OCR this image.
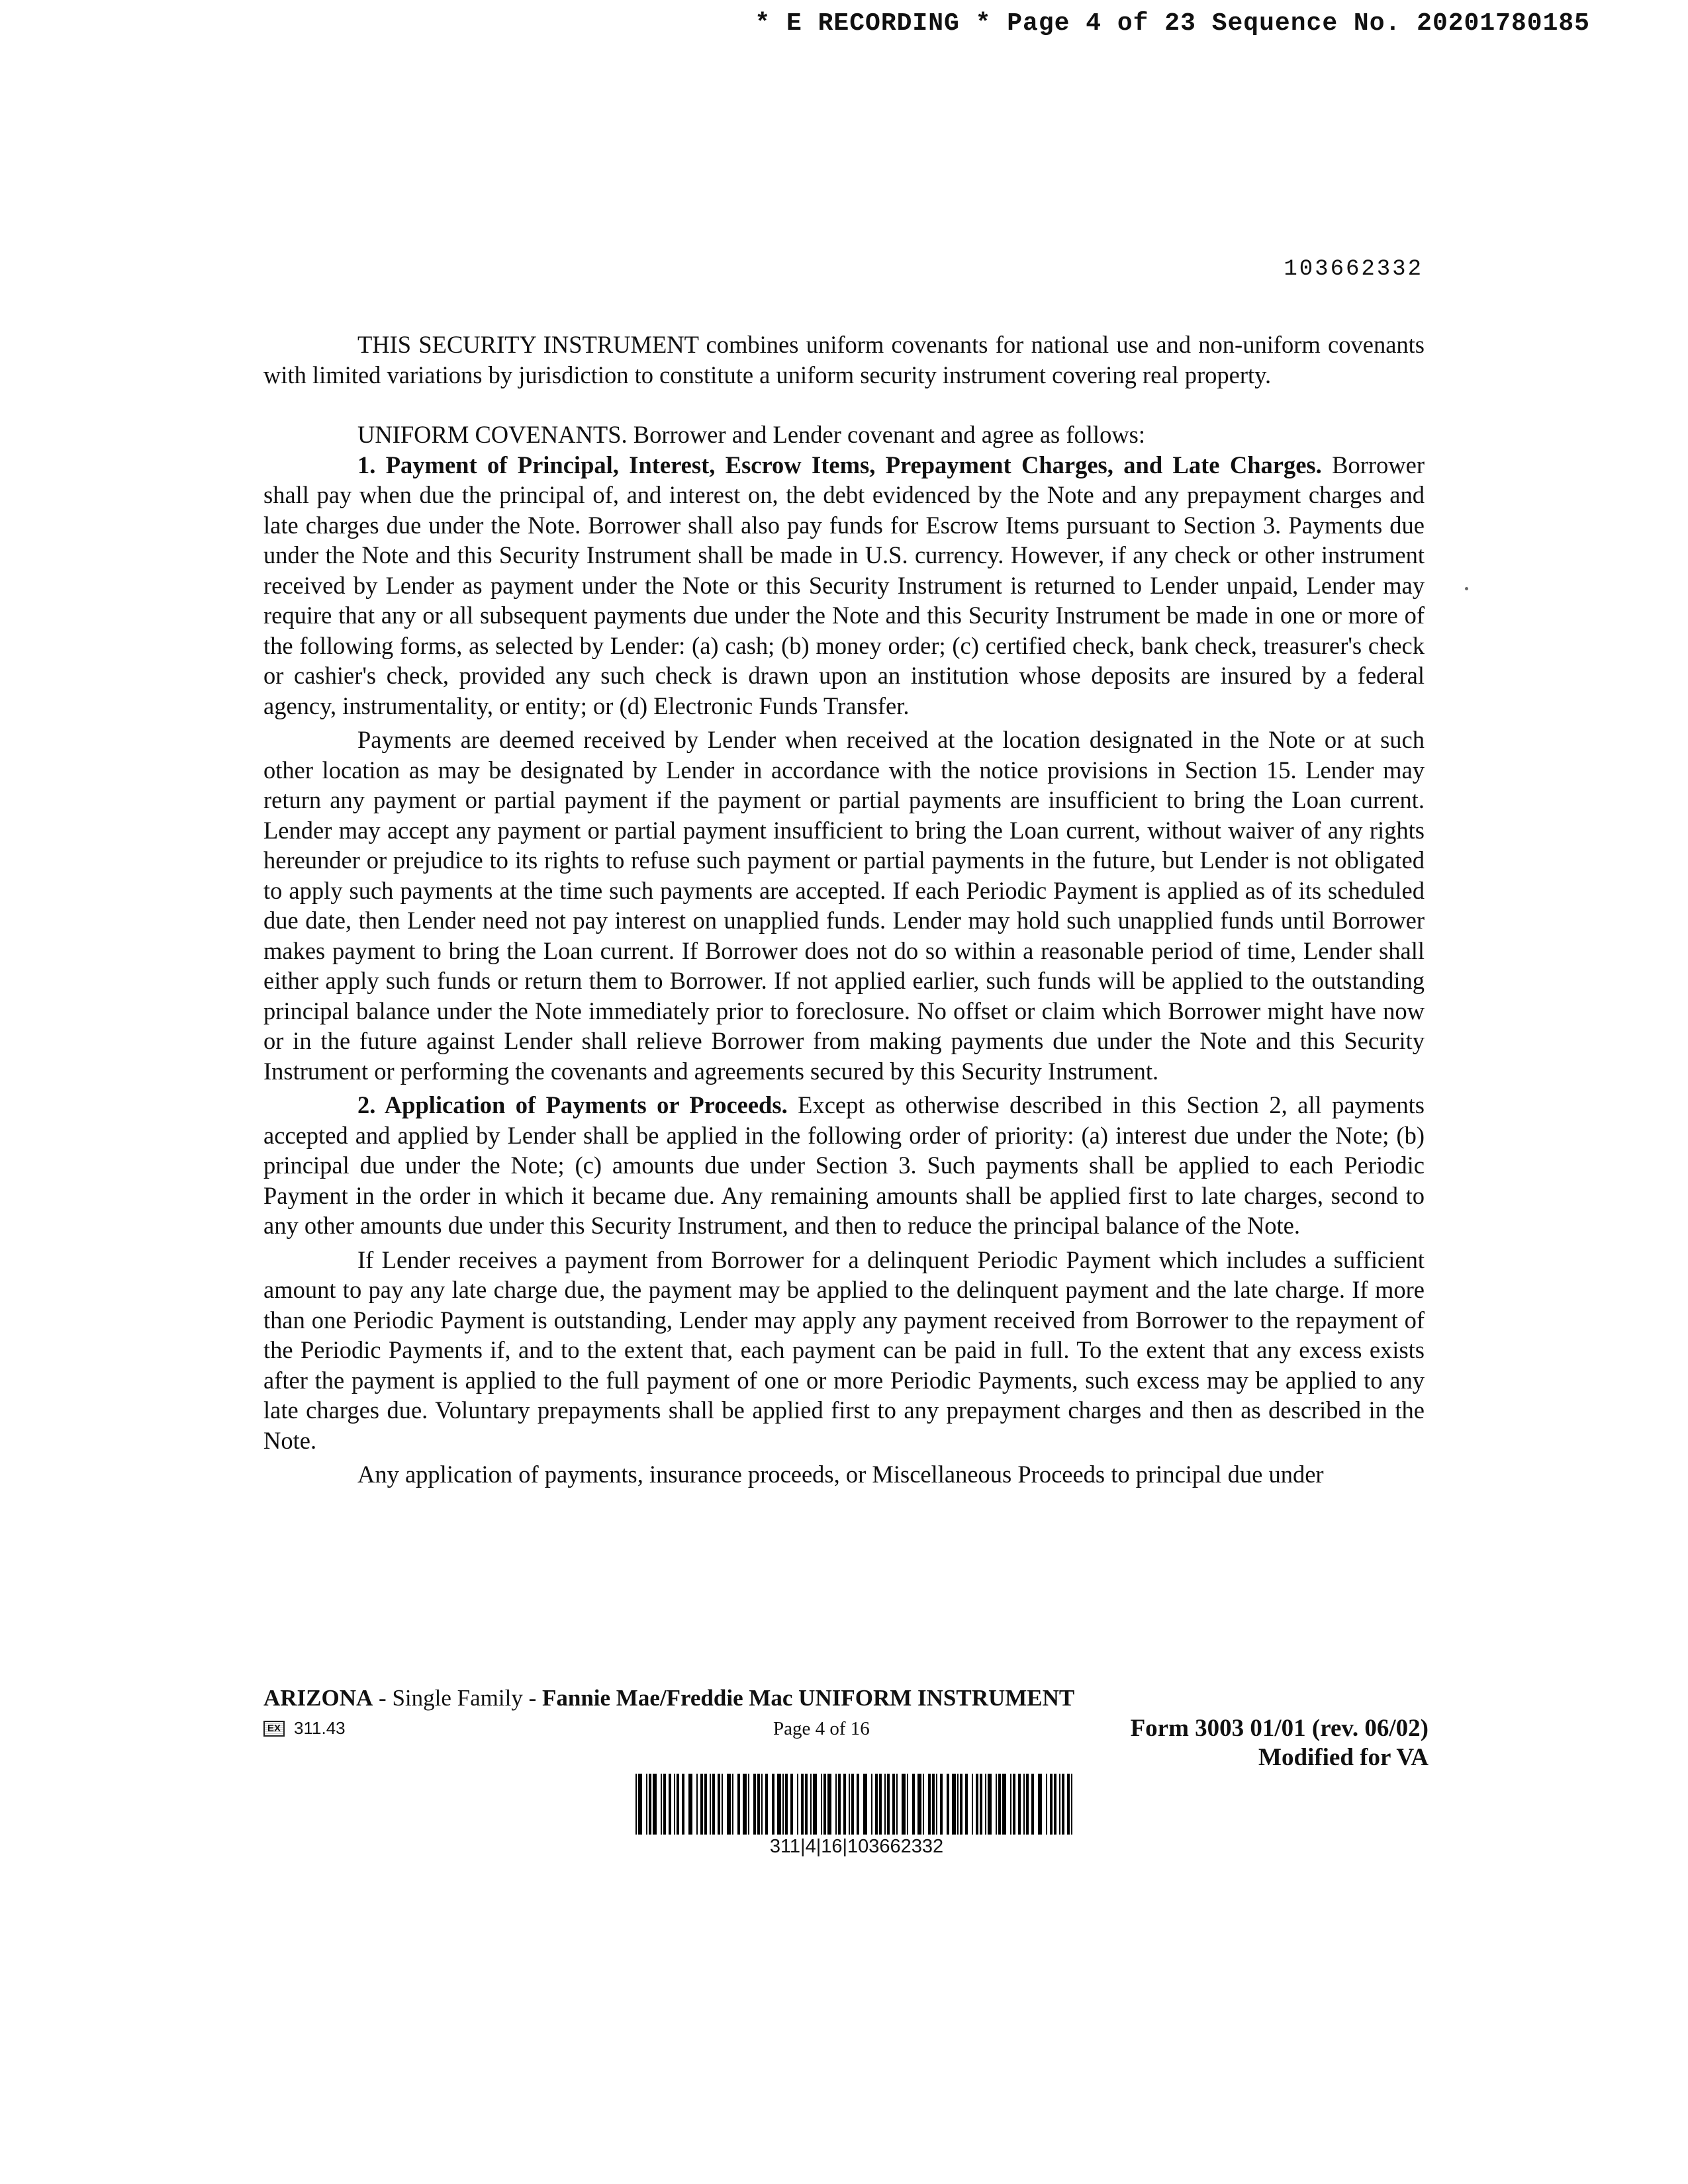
* E RECORDING * Page 4 of 23 Sequence No. 20201780185
103662332

THIS SECURITY INSTRUMENT combines uniform covenants for national use and non-uniform covenants with limited variations by jurisdiction to constitute a uniform security instrument covering real property.

UNIFORM COVENANTS. Borrower and Lender covenant and agree as follows:

1. Payment of Principal, Interest, Escrow Items, Prepayment Charges, and Late Charges. Borrower shall pay when due the principal of, and interest on, the debt evidenced by the Note and any prepayment charges and late charges due under the Note. Borrower shall also pay funds for Escrow Items pursuant to Section 3. Payments due under the Note and this Security Instrument shall be made in U.S. currency. However, if any check or other instrument received by Lender as payment under the Note or this Security Instrument is returned to Lender unpaid, Lender may require that any or all subsequent payments due under the Note and this Security Instrument be made in one or more of the following forms, as selected by Lender: (a) cash; (b) money order; (c) certified check, bank check, treasurer's check or cashier's check, provided any such check is drawn upon an institution whose deposits are insured by a federal agency, instrumentality, or entity; or (d) Electronic Funds Transfer.

Payments are deemed received by Lender when received at the location designated in the Note or at such other location as may be designated by Lender in accordance with the notice provisions in Section 15. Lender may return any payment or partial payment if the payment or partial payments are insufficient to bring the Loan current. Lender may accept any payment or partial payment insufficient to bring the Loan current, without waiver of any rights hereunder or prejudice to its rights to refuse such payment or partial payments in the future, but Lender is not obligated to apply such payments at the time such payments are accepted. If each Periodic Payment is applied as of its scheduled due date, then Lender need not pay interest on unapplied funds. Lender may hold such unapplied funds until Borrower makes payment to bring the Loan current. If Borrower does not do so within a reasonable period of time, Lender shall either apply such funds or return them to Borrower. If not applied earlier, such funds will be applied to the outstanding principal balance under the Note immediately prior to foreclosure. No offset or claim which Borrower might have now or in the future against Lender shall relieve Borrower from making payments due under the Note and this Security Instrument or performing the covenants and agreements secured by this Security Instrument.

2. Application of Payments or Proceeds. Except as otherwise described in this Section 2, all payments accepted and applied by Lender shall be applied in the following order of priority: (a) interest due under the Note; (b) principal due under the Note; (c) amounts due under Section 3. Such payments shall be applied to each Periodic Payment in the order in which it became due. Any remaining amounts shall be applied first to late charges, second to any other amounts due under this Security Instrument, and then to reduce the principal balance of the Note.

If Lender receives a payment from Borrower for a delinquent Periodic Payment which includes a sufficient amount to pay any late charge due, the payment may be applied to the delinquent payment and the late charge. If more than one Periodic Payment is outstanding, Lender may apply any payment received from Borrower to the repayment of the Periodic Payments if, and to the extent that, each payment can be paid in full. To the extent that any excess exists after the payment is applied to the full payment of one or more Periodic Payments, such excess may be applied to any late charges due. Voluntary prepayments shall be applied first to any prepayment charges and then as described in the Note.

Any application of payments, insurance proceeds, or Miscellaneous Proceeds to principal due under

ARIZONA - Single Family - Fannie Mae/Freddie Mac UNIFORM INSTRUMENT
EX 311.43	Page 4 of 16	Form 3003 01/01 (rev. 06/02)
Modified for VA
311|4|16|103662332
